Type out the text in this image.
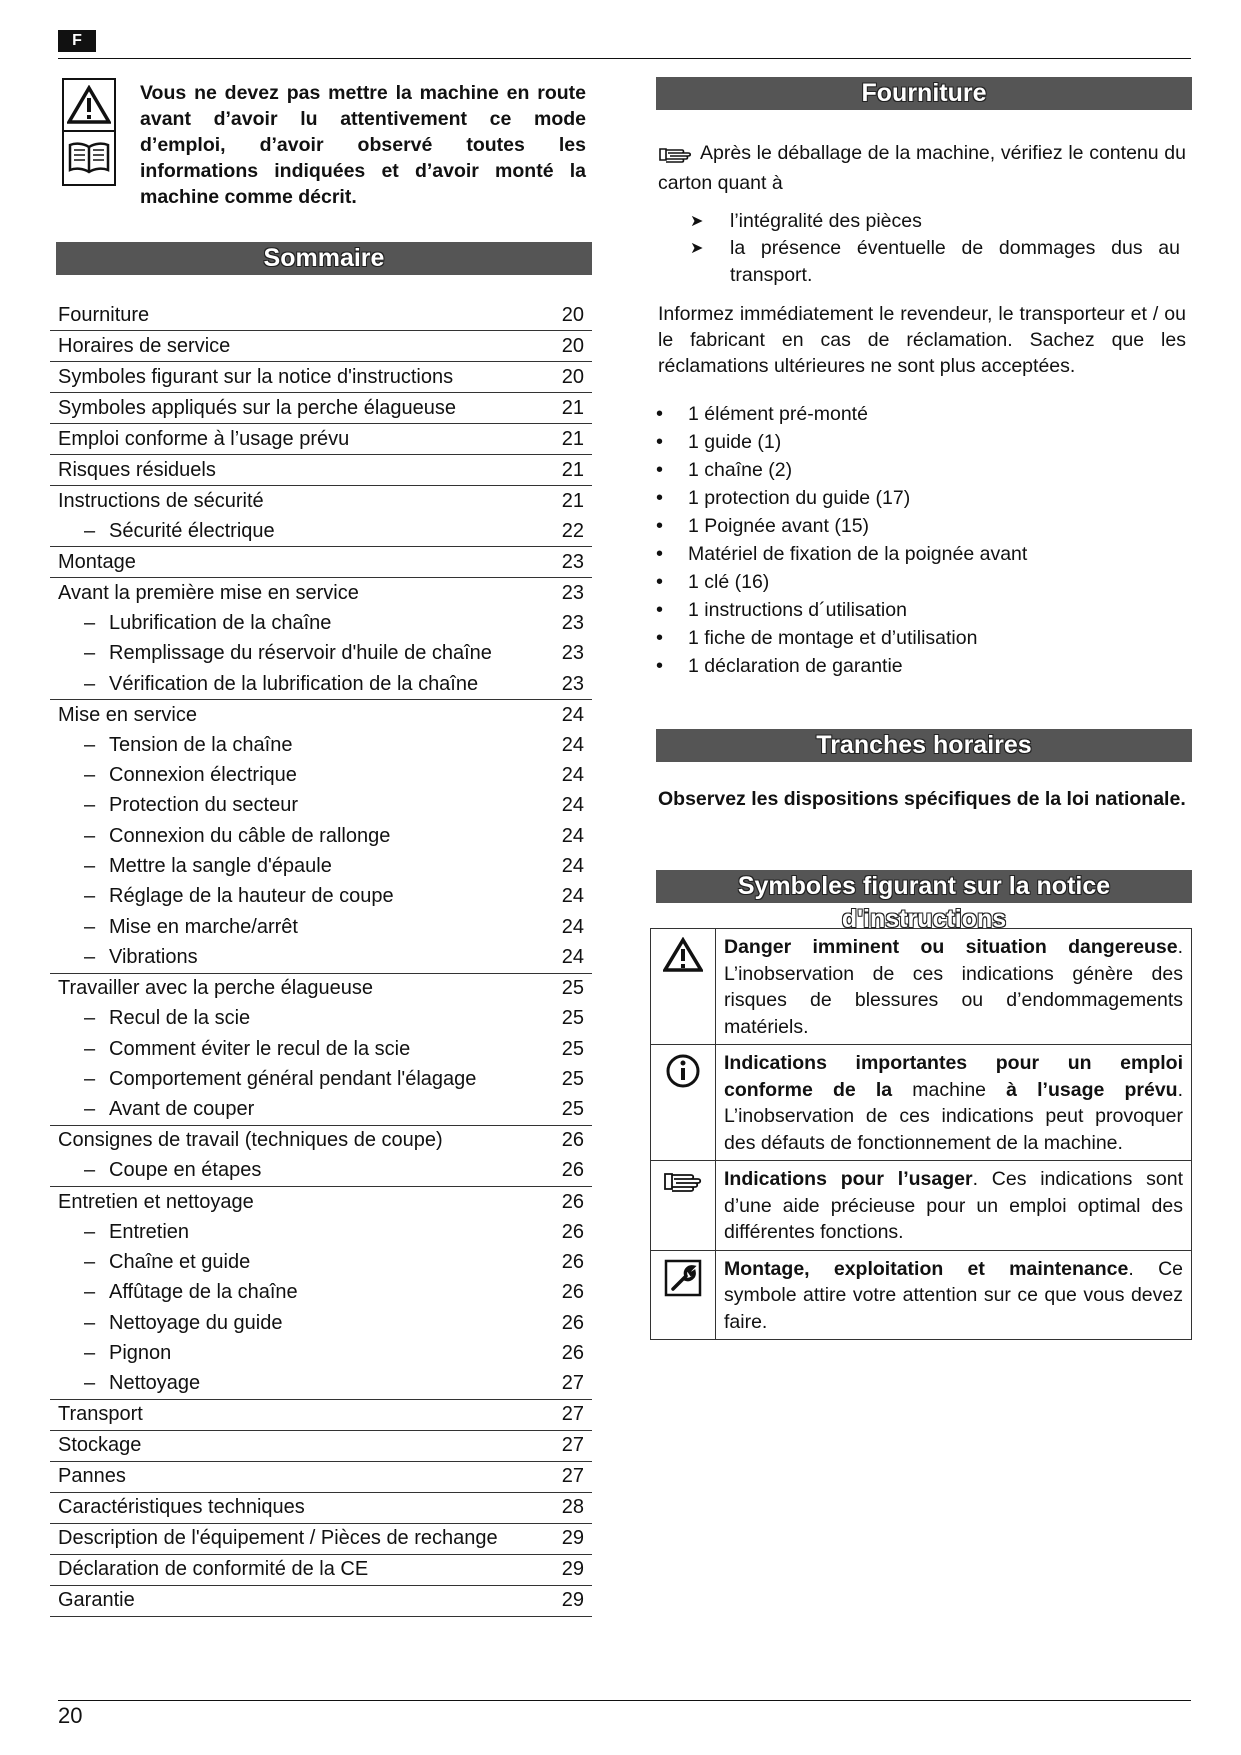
F
Vous ne devez pas mettre la machine en route avant d’avoir lu attentivement ce mode d’emploi, d’avoir observé toutes les informations indiquées et d’avoir monté la machine comme décrit.
Sommaire
Fourniture	20
Horaires de service	20
Symboles figurant sur la notice d'instructions	20
Symboles appliqués sur la perche élagueuse	21
Emploi conforme à l’usage prévu	21
Risques résiduels	21
Instructions de sécurité	21
– Sécurité électrique	22
Montage	23
Avant la première mise en service	23
– Lubrification de la chaîne	23
– Remplissage du réservoir d'huile de chaîne	23
– Vérification de la lubrification de la chaîne	23
Mise en service	24
– Tension de la chaîne	24
– Connexion électrique	24
– Protection du secteur	24
– Connexion du câble de rallonge	24
– Mettre la sangle d'épaule	24
– Réglage de la hauteur de coupe	24
– Mise en marche/arrêt	24
– Vibrations	24
Travailler avec la perche élagueuse	25
– Recul de la scie	25
– Comment éviter le recul de la scie	25
– Comportement général pendant l'élagage	25
– Avant de couper	25
Consignes de travail (techniques de coupe)	26
– Coupe en étapes	26
Entretien et nettoyage	26
– Entretien	26
– Chaîne et guide	26
– Affûtage de la chaîne	26
– Nettoyage du guide	26
– Pignon	26
– Nettoyage	27
Transport	27
Stockage	27
Pannes	27
Caractéristiques techniques	28
Description de l'équipement / Pièces de rechange	29
Déclaration de conformité de la CE	29
Garantie	29
Fourniture
Après le déballage de la machine, vérifiez le contenu du carton quant à
➤	l’intégralité des pièces
➤	la présence éventuelle de dommages dus au transport.
Informez immédiatement le revendeur, le transporteur et / ou le fabricant en cas de réclamation. Sachez que les réclamations ultérieures ne sont plus acceptées.
•	1 élément pré-monté
•	1 guide (1)
•	1 chaîne (2)
•	1 protection du guide (17)
•	1 Poignée avant (15)
•	Matériel de fixation de la poignée avant
•	1 clé (16)
•	1 instructions d´utilisation
•	1 fiche de montage et d’utilisation
•	1 déclaration de garantie
Tranches horaires
Observez les dispositions spécifiques de la loi nationale.
Symboles figurant sur la notice d'instructions
	Danger imminent ou situation dangereuse. L’inobservation de ces indications génère des risques de blessures ou d’endommagements matériels.
	Indications importantes pour un emploi conforme de la machine à l’usage prévu. L’inobservation de ces indications peut provoquer des défauts de fonctionnement de la machine.
	Indications pour l’usager. Ces indications sont d’une aide précieuse pour un emploi optimal des différentes fonctions.
	Montage, exploitation et maintenance. Ce symbole attire votre attention sur ce que vous devez faire.
20
